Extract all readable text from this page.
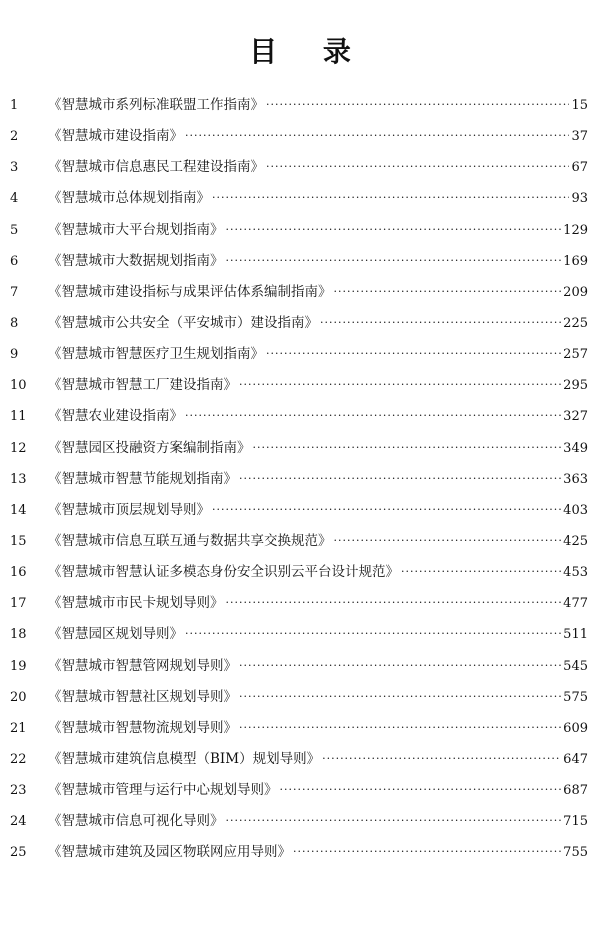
目 录
1	《智慧城市系列标准联盟工作指南》 ·····	15
2	《智慧城市建设指南》 ·····	37
3	《智慧城市信息惠民工程建设指南》 ·····	67
4	《智慧城市总体规划指南》 ·····	93
5	《智慧城市大平台规划指南》 ·····	129
6	《智慧城市大数据规划指南》 ·····	169
7	《智慧城市建设指标与成果评估体系编制指南》 ·····	209
8	《智慧城市公共安全（平安城市）建设指南》 ·····	225
9	《智慧城市智慧医疗卫生规划指南》 ·····	257
10	《智慧城市智慧工厂建设指南》 ·····	295
11	《智慧农业建设指南》 ·····	327
12	《智慧园区投融资方案编制指南》 ·····	349
13	《智慧城市智慧节能规划指南》 ·····	363
14	《智慧城市顶层规划导则》 ·····	403
15	《智慧城市信息互联互通与数据共享交换规范》 ·····	425
16	《智慧城市智慧认证多模态身份安全识别云平台设计规范》 ·····	453
17	《智慧城市市民卡规划导则》 ·····	477
18	《智慧园区规划导则》 ·····	511
19	《智慧城市智慧管网规划导则》 ·····	545
20	《智慧城市智慧社区规划导则》 ·····	575
21	《智慧城市智慧物流规划导则》 ·····	609
22	《智慧城市建筑信息模型（BIM）规划导则》 ·····	647
23	《智慧城市管理与运行中心规划导则》 ·····	687
24	《智慧城市信息可视化导则》 ·····	715
25	《智慧城市建筑及园区物联网应用导则》 ·····	755
